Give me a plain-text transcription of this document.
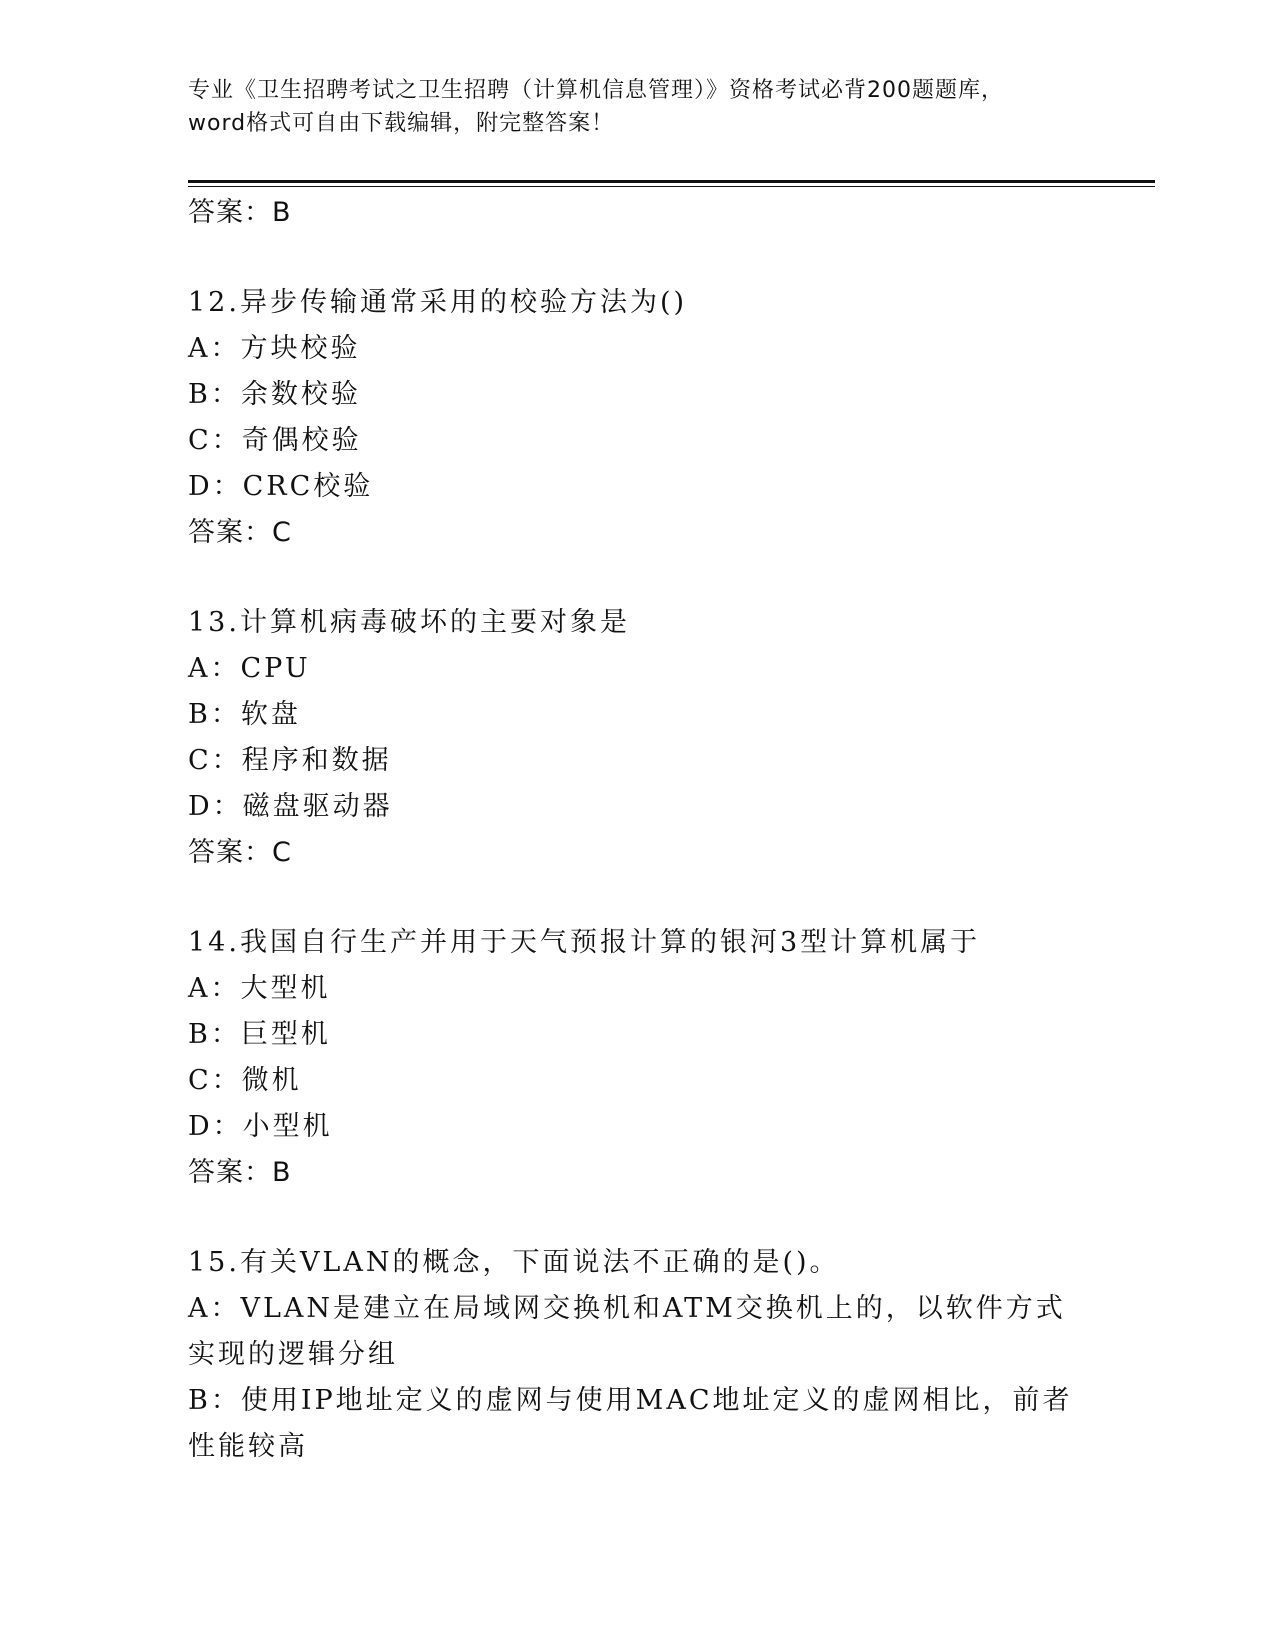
专业《卫生招聘考试之卫生招聘（计算机信息管理）》资格考试必背200题题库，
word格式可自由下载编辑，附完整答案！
答案：B
12.异步传输通常采用的校验方法为()
A：方块校验
B：余数校验
C：奇偶校验
D：CRC校验
答案：C
13.计算机病毒破坏的主要对象是
A：CPU
B：软盘
C：程序和数据
D：磁盘驱动器
答案：C
14.我国自行生产并用于天气预报计算的银河3型计算机属于
A：大型机
B：巨型机
C：微机
D：小型机
答案：B
15.有关VLAN的概念，下面说法不正确的是()。
A：VLAN是建立在局域网交换机和ATM交换机上的，以软件方式实现的逻辑分组
B：使用IP地址定义的虚网与使用MAC地址定义的虚网相比，前者性能较高
